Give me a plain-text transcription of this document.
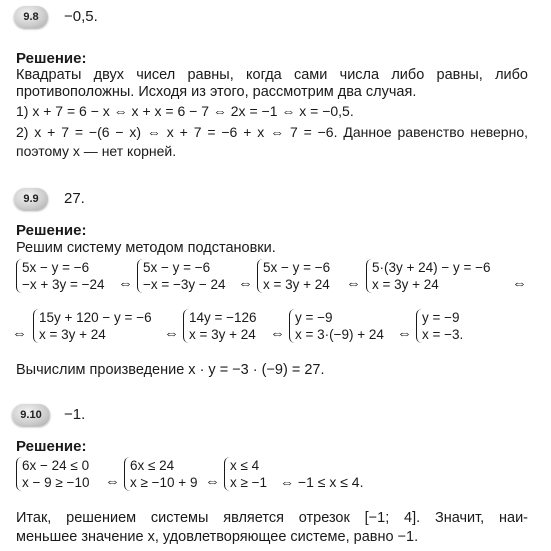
9.8 −0,5.
Решение:
Квадраты двух чисел равны, когда сами числа либо равны, либо
противоположны. Исходя из этого, рассмотрим два случая.
1) x + 7 = 6 − x ⇔ x + x = 6 − 7 ⇔ 2x = −1 ⇔ x = −0,5.
2) x + 7 = −(6 − x) ⇔ x + 7 = −6 + x ⇔ 7 = −6. Данное равенство неверно,
поэтому x — нет корней.
9.9 27.
Решение:
Решим систему методом подстановки.
5x − y = −6
−x + 3y = −24 ⇔
5x − y = −6
−x = −3y − 24 ⇔
5x − y = −6
x = 3y + 24 ⇔
5·(3y + 24) − y = −6
x = 3y + 24	⇔
⇔
15y + 120 − y = −6
x = 3y + 24	⇔
14y = −126
x = 3y + 24 ⇔
y = −9
x = 3·(−9) + 24 ⇔
y = −9
x = −3.
Вычислим произведение x · y = −3 · (−9) = 27.
9.10 −1.
Решение:
6x − 24 ≤ 0
x − 9 ≥ −10 ⇔
6x ≤ 24
x ≥ −10 + 9 ⇔
x ≤ 4
x ≥ −1 ⇔ −1 ≤ x ≤ 4.
Итак, решением системы является отрезок [−1; 4]. Значит, наи-
меньшее значение x, удовлетворяющее системе, равно −1.
